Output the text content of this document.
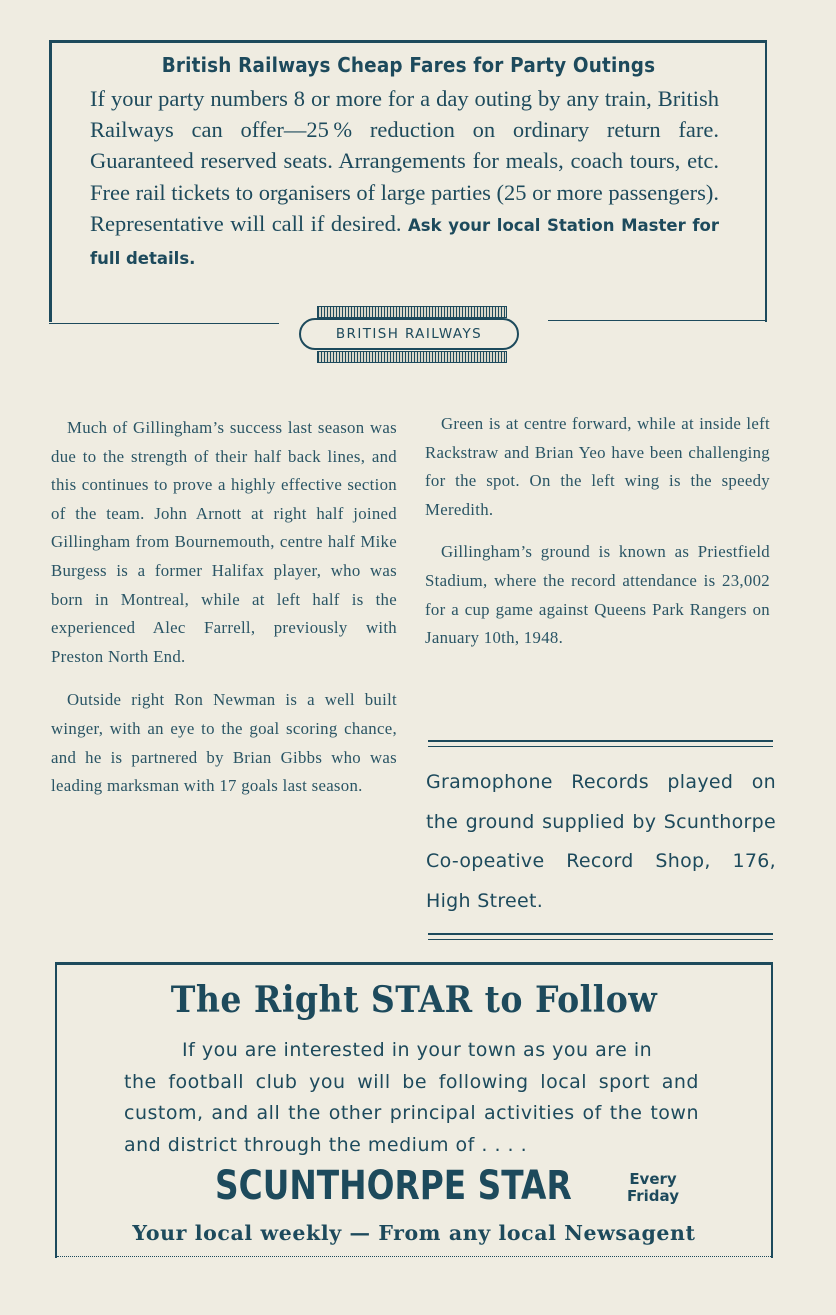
British Railways Cheap Fares for Party Outings
If your party numbers 8 or more for a day outing by any train, British Railways can offer—25 % reduction on ordinary return fare. Guaranteed reserved seats. Arrangements for meals, coach tours, etc. Free rail tickets to organisers of large parties (25 or more passengers). Representative will call if desired. Ask your local Station Master for full details.
BRITISH RAILWAYS

Much of Gillingham’s success last season was due to the strength of their half back lines, and this continues to prove a highly effective section of the team. John Arnott at right half joined Gillingham from Bournemouth, centre half Mike Burgess is a former Halifax player, who was born in Montreal, while at left half is the experienced Alec Farrell, previously with Preston North End.

Outside right Ron Newman is a well built winger, with an eye to the goal scoring chance, and he is partnered by Brian Gibbs who was leading marksman with 17 goals last season.

Green is at centre forward, while at inside left Rackstraw and Brian Yeo have been challenging for the spot. On the left wing is the speedy Meredith.

Gillingham’s ground is known as Priestfield Stadium, where the record attendance is 23,002 for a cup game against Queens Park Rangers on January 10th, 1948.

Gramophone Records played on the ground supplied by Scunthorpe Co-opeative Record Shop, 176, High Street.
The Right STAR to Follow
If you are interested in your town as you are in
the football club you will be following local sport and custom, and all the other principal activities of the town and district through the medium of . . . .
SCUNTHORPE STAR	Every
Friday
Your local weekly — From any local Newsagent
